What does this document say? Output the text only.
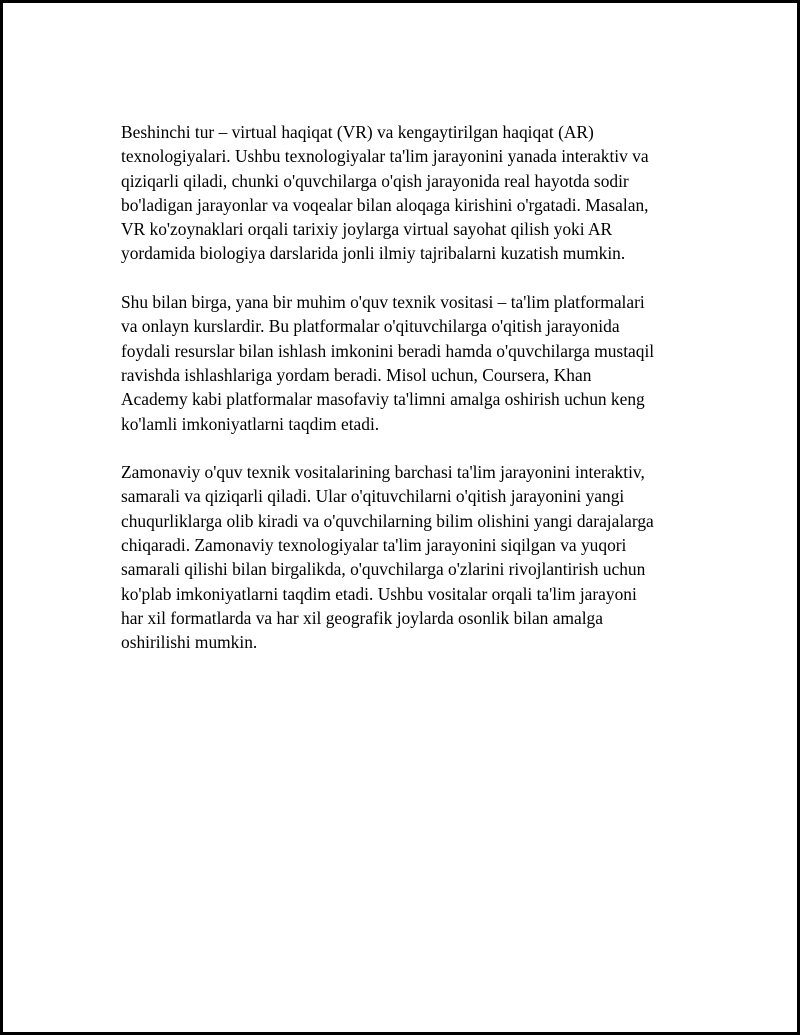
Beshinchi tur – virtual haqiqat (VR) va kengaytirilgan haqiqat (AR)
texnologiyalari. Ushbu texnologiyalar ta'lim jarayonini yanada interaktiv va
qiziqarli qiladi, chunki o'quvchilarga o'qish jarayonida real hayotda sodir
bo'ladigan jarayonlar va voqealar bilan aloqaga kirishini o'rgatadi. Masalan,
VR ko'zoynaklari orqali tarixiy joylarga virtual sayohat qilish yoki AR
yordamida biologiya darslarida jonli ilmiy tajribalarni kuzatish mumkin.
Shu bilan birga, yana bir muhim o'quv texnik vositasi – ta'lim platformalari
va onlayn kurslardir. Bu platformalar o'qituvchilarga o'qitish jarayonida
foydali resurslar bilan ishlash imkonini beradi hamda o'quvchilarga mustaqil
ravishda ishlashlariga yordam beradi. Misol uchun, Coursera, Khan
Academy kabi platformalar masofaviy ta'limni amalga oshirish uchun keng
ko'lamli imkoniyatlarni taqdim etadi.
Zamonaviy o'quv texnik vositalarining barchasi ta'lim jarayonini interaktiv,
samarali va qiziqarli qiladi. Ular o'qituvchilarni o'qitish jarayonini yangi
chuqurliklarga olib kiradi va o'quvchilarning bilim olishini yangi darajalarga
chiqaradi. Zamonaviy texnologiyalar ta'lim jarayonini siqilgan va yuqori
samarali qilishi bilan birgalikda, o'quvchilarga o'zlarini rivojlantirish uchun
ko'plab imkoniyatlarni taqdim etadi. Ushbu vositalar orqali ta'lim jarayoni
har xil formatlarda va har xil geografik joylarda osonlik bilan amalga
oshirilishi mumkin.
